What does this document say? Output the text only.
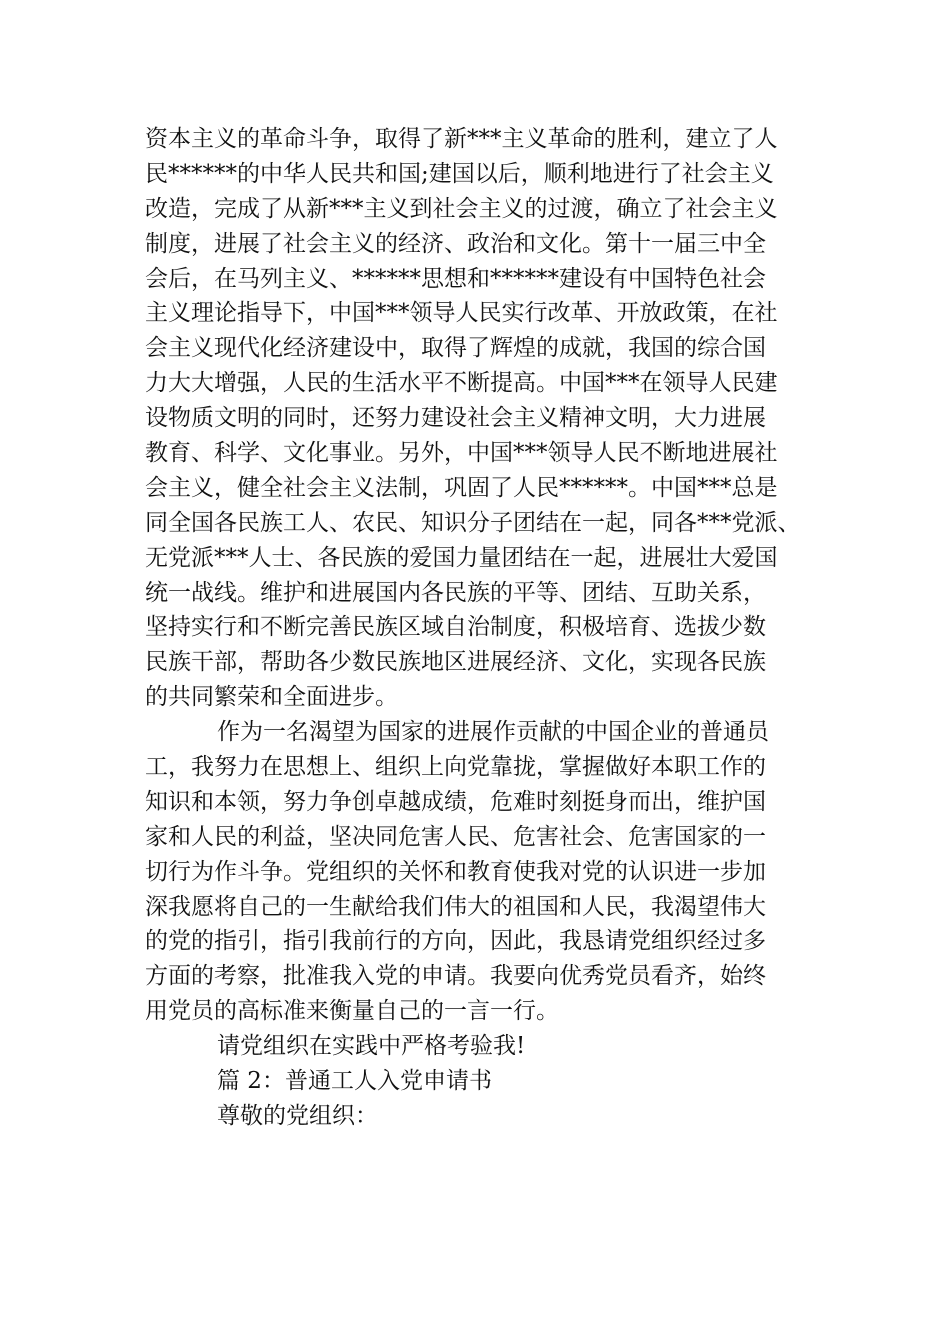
资本主义的革命斗争，取得了新***主义革命的胜利，建立了人
民******的中华人民共和国;建国以后，顺利地进行了社会主义
改造，完成了从新***主义到社会主义的过渡，确立了社会主义
制度，进展了社会主义的经济、政治和文化。第十一届三中全
会后，在马列主义、******思想和******建设有中国特色社会
主义理论指导下，中国***领导人民实行改革、开放政策，在社
会主义现代化经济建设中，取得了辉煌的成就，我国的综合国
力大大增强，人民的生活水平不断提高。中国***在领导人民建
设物质文明的同时，还努力建设社会主义精神文明，大力进展
教育、科学、文化事业。另外，中国***领导人民不断地进展社
会主义，健全社会主义法制，巩固了人民******。中国***总是
同全国各民族工人、农民、知识分子团结在一起，同各***党派、
无党派***人士、各民族的爱国力量团结在一起，进展壮大爱国
统一战线。维护和进展国内各民族的平等、团结、互助关系，
坚持实行和不断完善民族区域自治制度，积极培育、选拔少数
民族干部，帮助各少数民族地区进展经济、文化，实现各民族
的共同繁荣和全面进步。
作为一名渴望为国家的进展作贡献的中国企业的普通员
工，我努力在思想上、组织上向党靠拢，掌握做好本职工作的
知识和本领，努力争创卓越成绩，危难时刻挺身而出，维护国
家和人民的利益，坚决同危害人民、危害社会、危害国家的一
切行为作斗争。党组织的关怀和教育使我对党的认识进一步加
深我愿将自己的一生献给我们伟大的祖国和人民，我渴望伟大
的党的指引，指引我前行的方向，因此，我恳请党组织经过多
方面的考察，批准我入党的申请。我要向优秀党员看齐，始终
用党员的高标准来衡量自己的一言一行。
请党组织在实践中严格考验我!
篇 2：普通工人入党申请书
尊敬的党组织：
